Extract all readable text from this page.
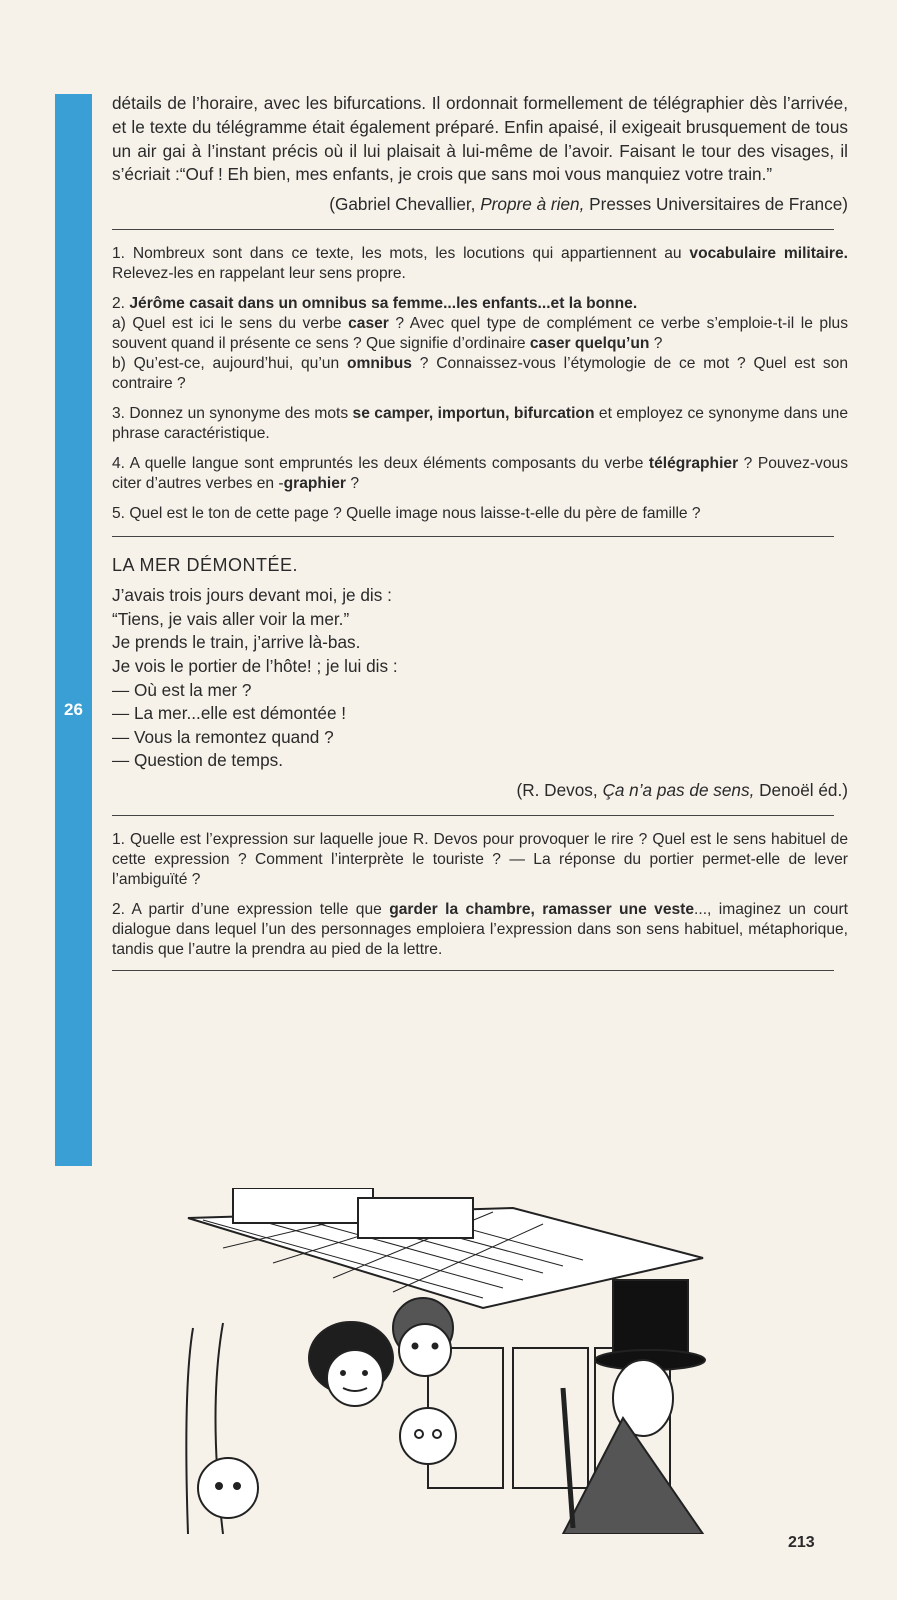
26

détails de l’horaire, avec les bifurcations. Il ordonnait formellement de télégraphier dès l’arrivée, et le texte du télégramme était également préparé. Enfin apaisé, il exigeait brusquement de tous un air gai à l’instant précis où il lui plaisait à lui-même de l’avoir. Faisant le tour des visages, il s’écriait :“Ouf ! Eh bien, mes enfants, je crois que sans moi vous manquiez votre train.”

(Gabriel Chevallier, Propre à rien, Presses Universitaires de France)

1. Nombreux sont dans ce texte, les mots, les locutions qui appartiennent au vocabulaire militaire. Relevez-les en rappelant leur sens propre.

2. Jérôme casait dans un omnibus sa femme...les enfants...et la bonne.
a) Quel est ici le sens du verbe caser ? Avec quel type de complément ce verbe s’emploie-t-il le plus souvent quand il présente ce sens ? Que signifie d’ordinaire caser quelqu’un ?
b) Qu’est-ce, aujourd’hui, qu’un omnibus ? Connaissez-vous l’étymologie de ce mot ? Quel est son contraire ?

3. Donnez un synonyme des mots se camper, importun, bifurcation et employez ce synonyme dans une phrase caractéristique.

4. A quelle langue sont empruntés les deux éléments composants du verbe télégraphier ? Pouvez-vous citer d’autres verbes en -graphier ?

5. Quel est le ton de cette page ? Quelle image nous laisse-t-elle du père de famille ?

LA MER DÉMONTÉE.
J’avais trois jours devant moi, je dis :
“Tiens, je vais aller voir la mer.”
Je prends le train, j’arrive là-bas.
Je vois le portier de l’hôte! ; je lui dis :
— Où est la mer ?
— La mer...elle est démontée !
— Vous la remontez quand ?
— Question de temps.

(R. Devos, Ça n’a pas de sens, Denoël éd.)

1. Quelle est l’expression sur laquelle joue R. Devos pour provoquer le rire ? Quel est le sens habituel de cette expression ? Comment l’interprète le touriste ? — La réponse du portier permet-elle de lever l’ambiguïté ?

2. A partir d’une expression telle que garder la chambre, ramasser une veste..., imaginez un court dialogue dans lequel l’un des personnages emploiera l’expression dans son sens habituel, métaphorique, tandis que l’autre la prendra au pied de la lettre.

213
